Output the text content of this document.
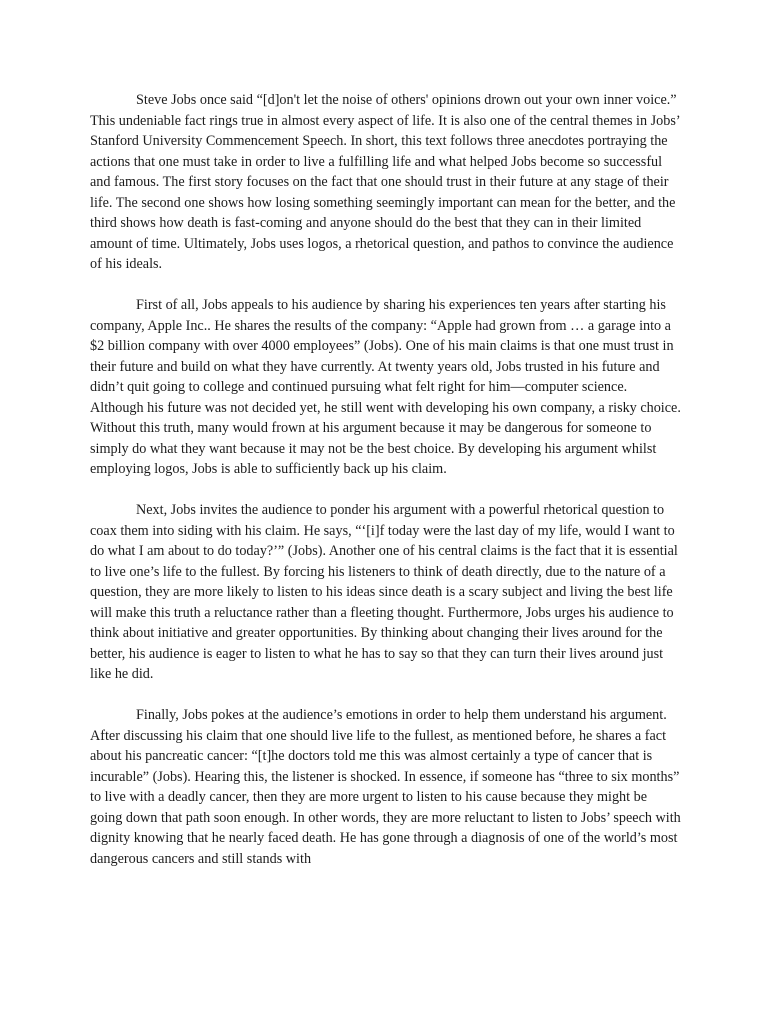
Steve Jobs once said “[d]on't let the noise of others' opinions drown out your own inner voice.” This undeniable fact rings true in almost every aspect of life. It is also one of the central themes in Jobs’ Stanford University Commencement Speech. In short, this text follows three anecdotes portraying the actions that one must take in order to live a fulfilling life and what helped Jobs become so successful and famous. The first story focuses on the fact that one should trust in their future at any stage of their life. The second one shows how losing something seemingly important can mean for the better, and the third shows how death is fast-coming and anyone should do the best that they can in their limited amount of time. Ultimately, Jobs uses logos, a rhetorical question, and pathos to convince the audience of his ideals.

First of all, Jobs appeals to his audience by sharing his experiences ten years after starting his company, Apple Inc.. He shares the results of the company: “Apple had grown from … a garage into a $2 billion company with over 4000 employees” (Jobs). One of his main claims is that one must trust in their future and build on what they have currently. At twenty years old, Jobs trusted in his future and didn’t quit going to college and continued pursuing what felt right for him—computer science. Although his future was not decided yet, he still went with developing his own company, a risky choice. Without this truth, many would frown at his argument because it may be dangerous for someone to simply do what they want because it may not be the best choice. By developing his argument whilst employing logos, Jobs is able to sufficiently back up his claim.

Next, Jobs invites the audience to ponder his argument with a powerful rhetorical question to coax them into siding with his claim. He says, “‘[i]f today were the last day of my life, would I want to do what I am about to do today?’” (Jobs). Another one of his central claims is the fact that it is essential to live one’s life to the fullest. By forcing his listeners to think of death directly, due to the nature of a question, they are more likely to listen to his ideas since death is a scary subject and living the best life will make this truth a reluctance rather than a fleeting thought. Furthermore, Jobs urges his audience to think about initiative and greater opportunities. By thinking about changing their lives around for the better, his audience is eager to listen to what he has to say so that they can turn their lives around just like he did.

Finally, Jobs pokes at the audience’s emotions in order to help them understand his argument. After discussing his claim that one should live life to the fullest, as mentioned before, he shares a fact about his pancreatic cancer: “[t]he doctors told me this was almost certainly a type of cancer that is incurable” (Jobs). Hearing this, the listener is shocked. In essence, if someone has “three to six months” to live with a deadly cancer, then they are more urgent to listen to his cause because they might be going down that path soon enough. In other words, they are more reluctant to listen to Jobs’ speech with dignity knowing that he nearly faced death. He has gone through a diagnosis of one of the world’s most dangerous cancers and still stands with
